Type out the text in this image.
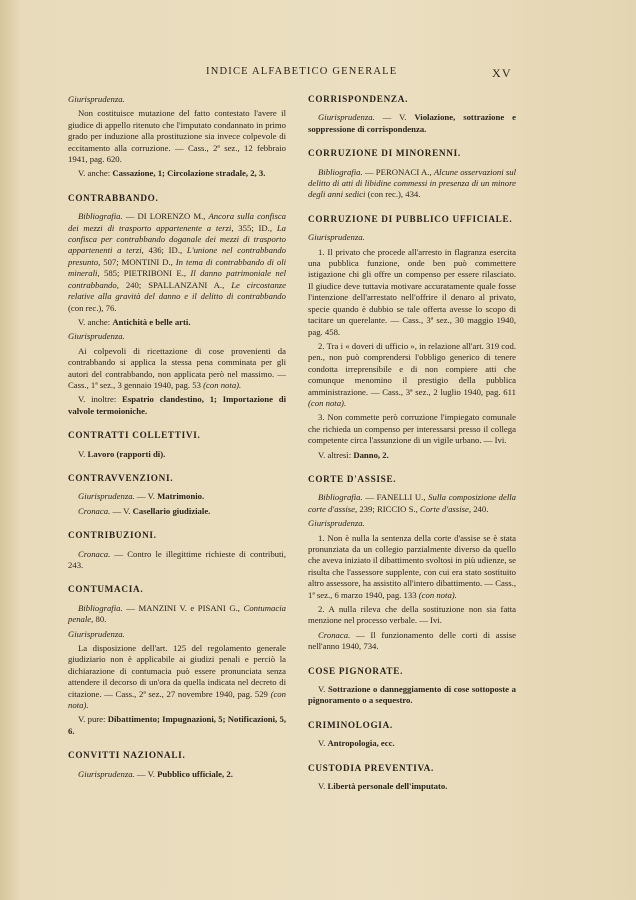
INDICE ALFABETICO GENERALE	XV

Giurisprudenza.

Non costituisce mutazione del fatto contestato l'avere il giudice di appello ritenuto che l'imputato condannato in primo grado per induzione alla prostituzione sia invece colpevole di eccitamento alla corruzione. — Cass., 2ª sez., 12 febbraio 1941, pag. 620.

V. anche: Cassazione, 1; Circolazione stradale, 2, 3.

CONTRABBANDO.

Bibliografia. — DI LORENZO M., Ancora sulla confisca dei mezzi di trasporto appartenente a terzi, 355; ID., La confisca per contrabbando doganale dei mezzi di trasporto appartenenti a terzi, 436; ID., L'unione nel contrabbando presunto, 507; MONTINI D., In tema di contrabbando di oli minerali, 585; PIETRIBONI E., Il danno patrimoniale nel contrabbando, 240; SPALLANZANI A., Le circostanze relative alla gravità del danno e il delitto di contrabbando (con rec.), 76.

V. anche: Antichità e belle arti.

Giurisprudenza.

Ai colpevoli di ricettazione di cose provenienti da contrabbando si applica la stessa pena comminata per gli autori del contrabbando, non applicata però nel massimo. — Cass., 1ª sez., 3 gennaio 1940, pag. 53 (con nota).

V. inoltre: Espatrio clandestino, 1; Importazione di valvole termoioniche.

CONTRATTI COLLETTIVI.

V. Lavoro (rapporti di).

CONTRAVVENZIONI.

Giurisprudenza. — V. Matrimonio.

Cronaca. — V. Casellario giudiziale.

CONTRIBUZIONI.

Cronaca. — Contro le illegittime richieste di contributi, 243.

CONTUMACIA.

Bibliografia. — MANZINI V. e PISANI G., Contumacia penale, 80.

Giurisprudenza.

La disposizione dell'art. 125 del regolamento generale giudiziario non è applicabile ai giudizi penali e perciò la dichiarazione di contumacia può essere pronunciata senza attendere il decorso di un'ora da quella indicata nel decreto di citazione. — Cass., 2ª sez., 27 novembre 1940, pag. 529 (con nota).

V. pure: Dibattimento; Impugnazioni, 5; Notificazioni, 5, 6.

CONVITTI NAZIONALI.

Giurisprudenza. — V. Pubblico ufficiale, 2.

CORRISPONDENZA.

Giurisprudenza. — V. Violazione, sottrazione e soppressione di corrispondenza.

CORRUZIONE DI MINORENNI.

Bibliografia. — PERONACI A., Alcune osservazioni sul delitto di atti di libidine commessi in presenza di un minore degli anni sedici (con rec.), 434.

CORRUZIONE DI PUBBLICO UFFICIALE.

Giurisprudenza.

1. Il privato che procede all'arresto in flagranza esercita una pubblica funzione, onde ben può commettere istigazione chi gli offre un compenso per essere rilasciato. Il giudice deve tuttavia motivare accuratamente quale fosse l'intenzione dell'arrestato nell'offrire il denaro al privato, specie quando è dubbio se tale offerta avesse lo scopo di tacitare un querelante. — Cass., 3ª sez., 30 maggio 1940, pag. 458.

2. Tra i « doveri di ufficio », in relazione all'art. 319 cod. pen., non può comprendersi l'obbligo generico di tenere condotta irreprensibile e di non compiere atti che comunque menomino il prestigio della pubblica amministrazione. — Cass., 3ª sez., 2 luglio 1940, pag. 611 (con nota).

3. Non commette però corruzione l'impiegato comunale che richieda un compenso per interessarsi presso il collega competente circa l'assunzione di un vigile urbano. — Ivi.

V. altresì: Danno, 2.

CORTE D'ASSISE.

Bibliografia. — FANELLI U., Sulla composizione della corte d'assise, 239; RICCIO S., Corte d'assise, 240.

Giurisprudenza.

1. Non è nulla la sentenza della corte d'assise se è stata pronunziata da un collegio parzialmente diverso da quello che aveva iniziato il dibattimento svoltosi in più udienze, se risulta che l'assessore supplente, con cui era stato sostituito altro assessore, ha assistito all'intero dibattimento. — Cass., 1ª sez., 6 marzo 1940, pag. 133 (con nota).

2. A nulla rileva che della sostituzione non sia fatta menzione nel processo verbale. — Ivi.

Cronaca. — Il funzionamento delle corti di assise nell'anno 1940, 734.

COSE PIGNORATE.

V. Sottrazione o danneggiamento di cose sottoposte a pignoramento o a sequestro.

CRIMINOLOGIA.

V. Antropologia, ecc.

CUSTODIA PREVENTIVA.

V. Libertà personale dell'imputato.
